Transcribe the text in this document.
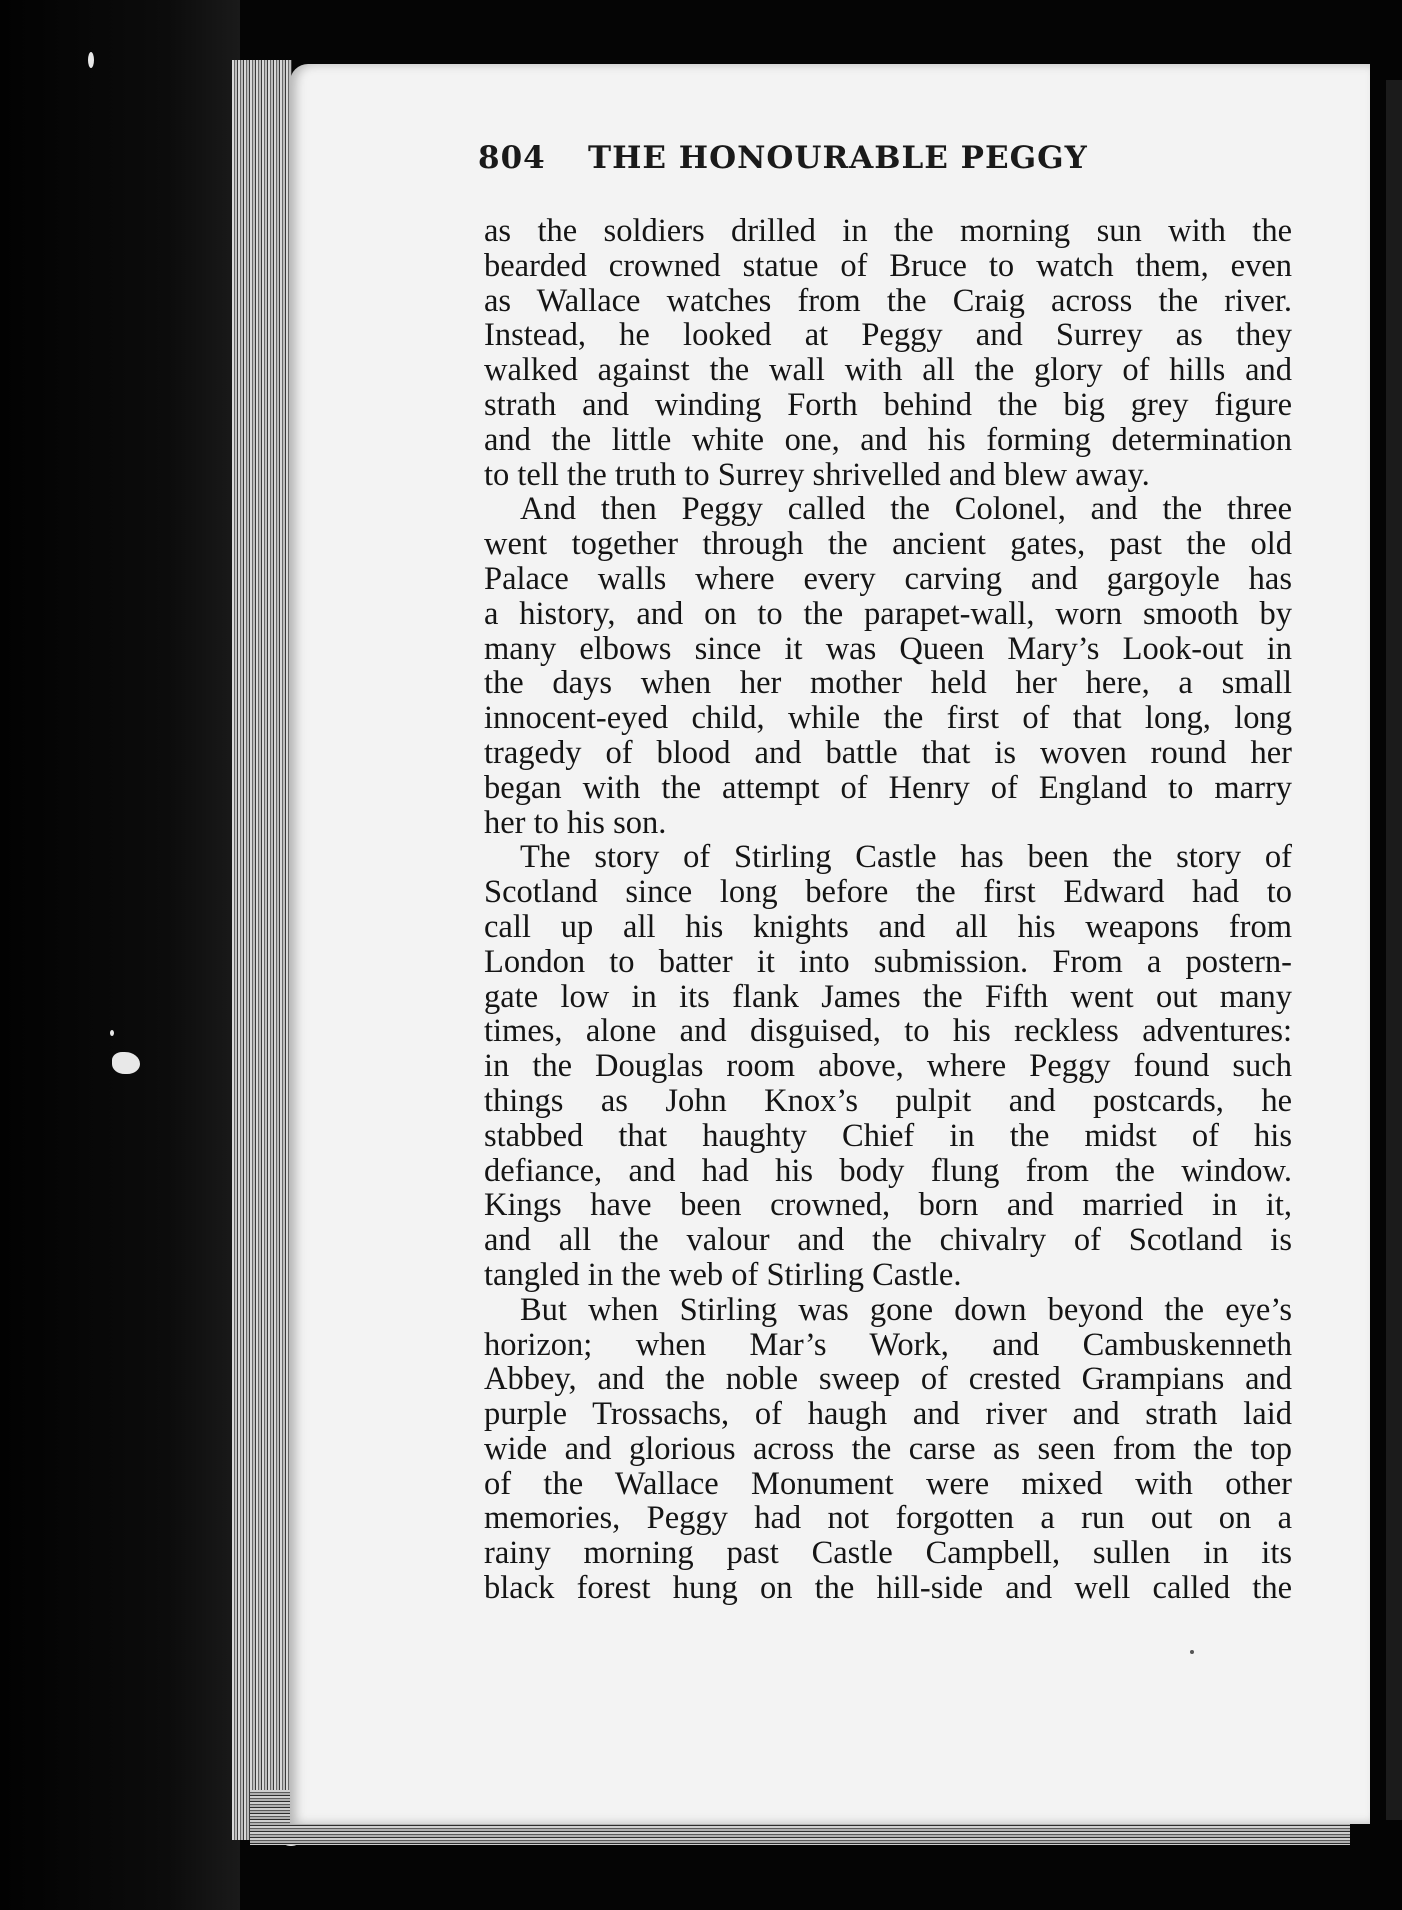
804 THE HONOURABLE PEGGY
as the soldiers drilled in the morning sun with the
bearded crowned statue of Bruce to watch them, even
as Wallace watches from the Craig across the river.
Instead, he looked at Peggy and Surrey as they
walked against the wall with all the glory of hills and
strath and winding Forth behind the big grey figure
and the little white one, and his forming determination
to tell the truth to Surrey shrivelled and blew away.
And then Peggy called the Colonel, and the three
went together through the ancient gates, past the old
Palace walls where every carving and gargoyle has
a history, and on to the parapet-wall, worn smooth by
many elbows since it was Queen Mary’s Look-out in
the days when her mother held her here, a small
innocent-eyed child, while the first of that long, long
tragedy of blood and battle that is woven round her
began with the attempt of Henry of England to marry
her to his son.
The story of Stirling Castle has been the story of
Scotland since long before the first Edward had to
call up all his knights and all his weapons from
London to batter it into submission. From a postern-
gate low in its flank James the Fifth went out many
times, alone and disguised, to his reckless adventures:
in the Douglas room above, where Peggy found such
things as John Knox’s pulpit and postcards, he
stabbed that haughty Chief in the midst of his
defiance, and had his body flung from the window.
Kings have been crowned, born and married in it,
and all the valour and the chivalry of Scotland is
tangled in the web of Stirling Castle.
But when Stirling was gone down beyond the eye’s
horizon; when Mar’s Work, and Cambuskenneth
Abbey, and the noble sweep of crested Grampians and
purple Trossachs, of haugh and river and strath laid
wide and glorious across the carse as seen from the top
of the Wallace Monument were mixed with other
memories, Peggy had not forgotten a run out on a
rainy morning past Castle Campbell, sullen in its
black forest hung on the hill-side and well called the
